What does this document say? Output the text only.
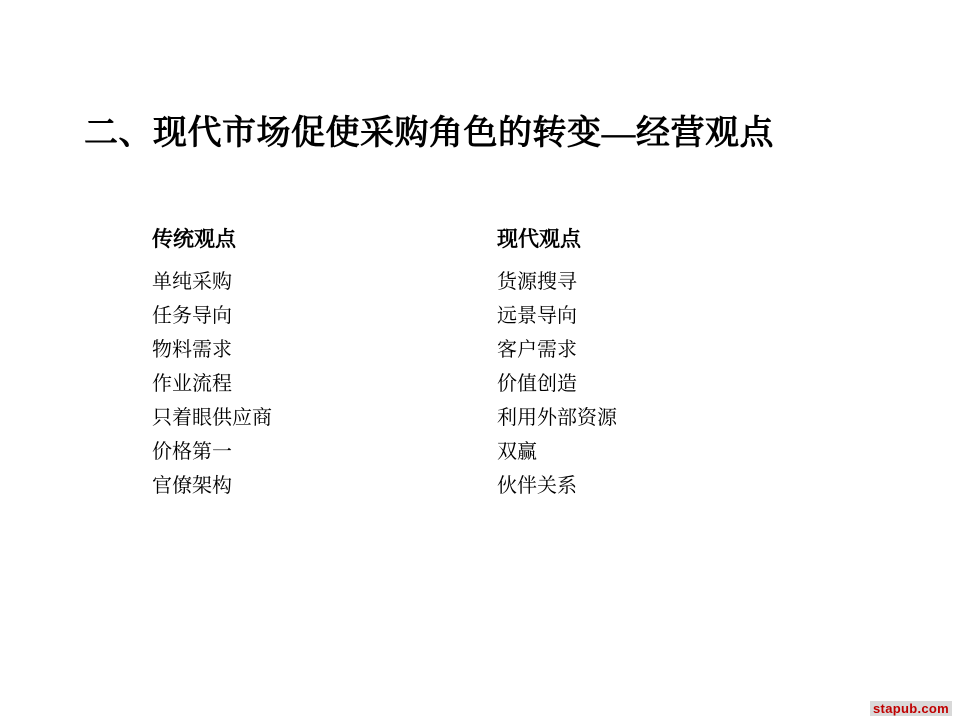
二、现代市场促使采购角色的转变—经营观点
传统观点
单纯采购
任务导向
物料需求
作业流程
只着眼供应商
价格第一
官僚架构
现代观点
货源搜寻
远景导向
客户需求
价值创造
利用外部资源
双赢
伙伴关系
stapub.com
